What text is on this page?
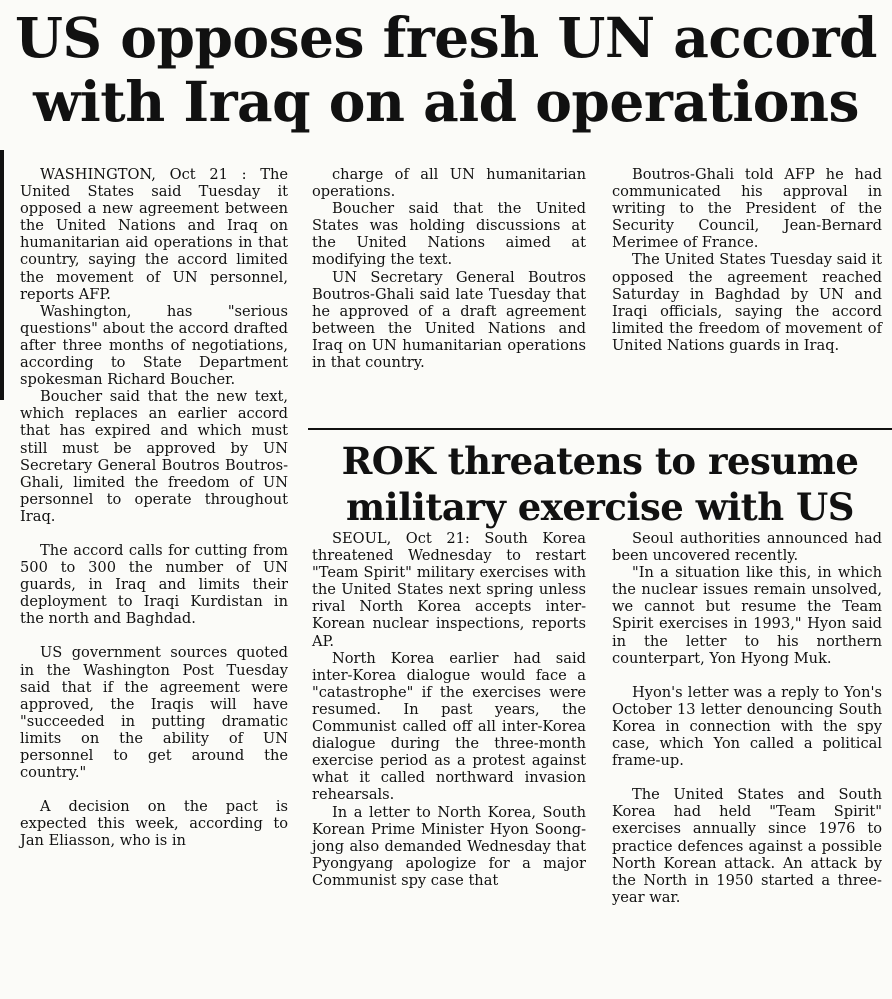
US opposes fresh UN accord
with Iraq on aid operations

WASHINGTON, Oct 21 : The United States said Tuesday it opposed a new agreement between the United Nations and Iraq on humanitarian aid operations in that country, saying the accord limited the movement of UN personnel, reports AFP.

Washington, has "serious questions" about the accord drafted after three months of negotiations, according to State Department spokesman Richard Boucher.

Boucher said that the new text, which replaces an earlier accord that has expired and which must still must be approved by UN Secretary General Boutros Boutros-Ghali, limited the freedom of UN personnel to operate throughout Iraq.

The accord calls for cutting from 500 to 300 the number of UN guards, in Iraq and limits their deployment to Iraqi Kurdistan in the north and Baghdad.

US government sources quoted in the Washington Post Tuesday said that if the agreement were approved, the Iraqis will have "succeeded in putting dramatic limits on the ability of UN personnel to get around the country."

A decision on the pact is expected this week, according to Jan Eliasson, who is in

charge of all UN humanitarian operations.

Boucher said that the United States was holding discussions at the United Nations aimed at modifying the text.

UN Secretary General Boutros Boutros-Ghali said late Tuesday that he approved of a draft agreement between the United Nations and Iraq on UN humanitarian operations in that country.

Boutros-Ghali told AFP he had communicated his approval in writing to the President of the Security Council, Jean-Bernard Merimee of France.

The United States Tuesday said it opposed the agreement reached Saturday in Baghdad by UN and Iraqi officials, saying the accord limited the freedom of movement of United Nations guards in Iraq.

ROK threatens to resume
military exercise with US

SEOUL, Oct 21: South Korea threatened Wednesday to restart "Team Spirit" military exercises with the United States next spring unless rival North Korea accepts inter-Korean nuclear inspections, reports AP.

North Korea earlier had said inter-Korea dialogue would face a "catastrophe" if the exercises were resumed. In past years, the Communist called off all inter-Korea dialogue during the three-month exercise period as a protest against what it called northward invasion rehearsals.

In a letter to North Korea, South Korean Prime Minister Hyon Soong-jong also demanded Wednesday that Pyongyang apologize for a major Communist spy case that

Seoul authorities announced had been uncovered recently.

"In a situation like this, in which the nuclear issues remain unsolved, we cannot but resume the Team Spirit exercises in 1993," Hyon said in the letter to his northern counterpart, Yon Hyong Muk.

Hyon's letter was a reply to Yon's October 13 letter denouncing South Korea in connection with the spy case, which Yon called a political frame-up.

The United States and South Korea had held "Team Spirit" exercises annually since 1976 to practice defences against a possible North Korean attack. An attack by the North in 1950 started a three-year war.
